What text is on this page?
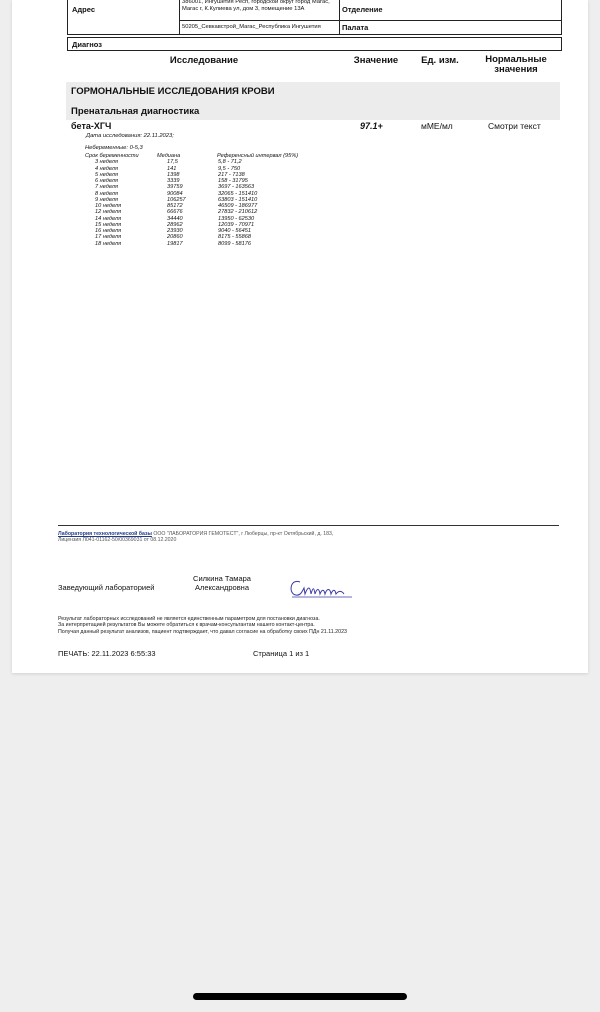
Адрес
386001, Ингушетия Респ, городской округ город Магас, Магас г, К.Кулиева ул, дом 3, помещение 13А	Отделение
50205_Севкавстрой_Магас_Республика Ингушетия	Палата
Диагноз
Исследование	Значение	Ед. изм.	Нормальные значения
ГОРМОНАЛЬНЫЕ ИССЛЕДОВАНИЯ КРОВИ
Пренатальная диагностика
бета-ХГЧ	97.1+	мМЕ/мл	Смотри текст
Дата исследования: 22.11.2023;
Небеременные: 0-5,3
Срок беременности	Медиана	Референсный интервал (95%)
3 неделя	17,5	5,8 - 71,2
4 неделя	141	9,5 - 750
5 неделя	1398	217 - 7138
6 неделя	3339	158 - 31795
7 неделя	39759	3697 - 163563
8 неделя	90084	32065 - 151410
9 неделя	106257	63803 - 151410
10 неделя	85172	46509 - 186977
12 неделя	66676	27832 - 210612
14 неделя	34440	13950 - 62530
15 неделя	28962	12039 - 70971
16 неделя	23930	9040 - 56451
17 неделя	20860	8175 - 55868
18 неделя	19817	8099 - 58176
Лаборатория технологической базы ООО "ЛАБОРАТОРИЯ ГЕМОТЕСТ", г Люберцы, пр-кт Октябрьский, д. 183,
Лицензия Л041-01162-50/00369031 от 08.12.2020
Заведующий лабораторией
Силкина Тамара
Александровна
Результат лабораторных исследований не является единственным параметром для постановки диагноза.
За интерпретацией результатов Вы можете обратиться к врачам-консультантам нашего контакт-центра.
Получая данный результат анализов, пациент подтверждает, что давал согласие на обработку своих ПДн 21.11.2023
ПЕЧАТЬ: 22.11.2023 6:55:33	Страница 1 из 1
